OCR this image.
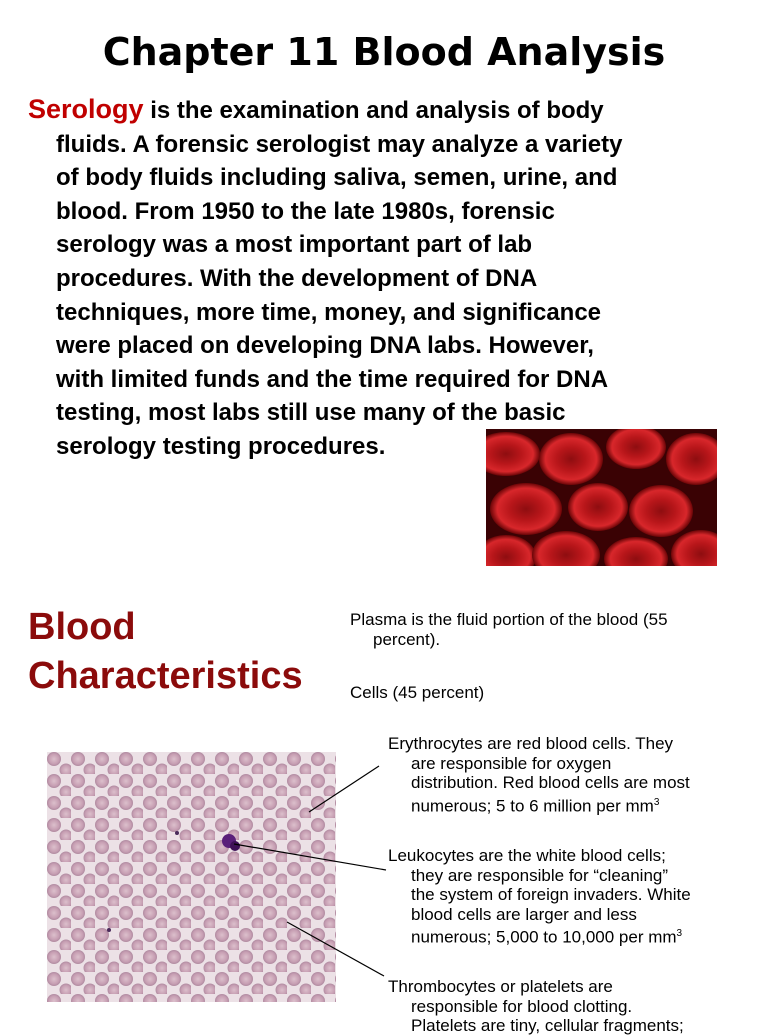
Chapter 11 Blood Analysis
Serology is the examination and analysis of body
fluids. A forensic serologist may analyze a variety
of body fluids including saliva, semen, urine, and
blood. From 1950 to the late 1980s, forensic
serology was a most important part of lab
procedures. With the development of DNA
techniques, more time, money, and significance
were placed on developing DNA labs. However,
with limited funds and the time required for DNA
testing, most labs still use many of the basic
serology testing procedures.
Blood
Characteristics
Plasma is the fluid portion of the blood (55
percent).
Cells (45 percent)
Erythrocytes are red blood cells. They
are responsible for oxygen
distribution. Red blood cells are most
numerous; 5 to 6 million per $mm^3$
Leukocytes are the white blood cells;
they are responsible for “cleaning”
the system of foreign invaders. White
blood cells are larger and less
numerous; 5,000 to 10,000 per $mm^3$
Thrombocytes or platelets are
responsible for blood clotting.
Platelets are tiny, cellular fragments;
